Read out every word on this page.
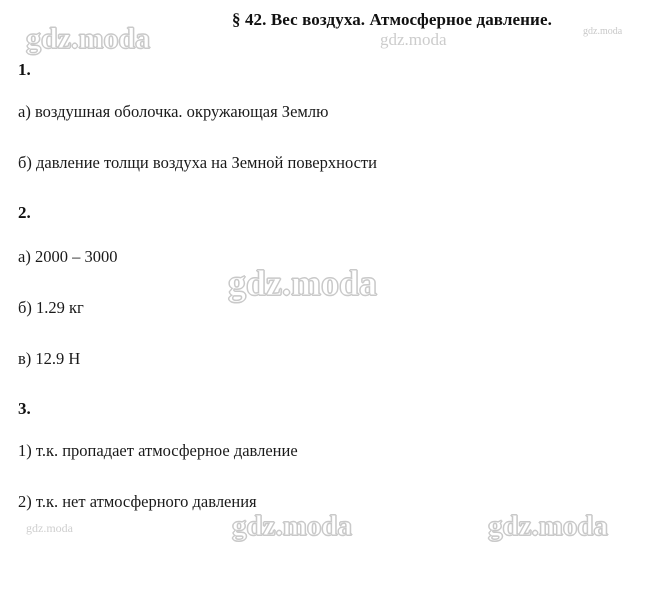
§ 42. Вес воздуха. Атмосферное давление.
1.
а) воздушная оболочка. окружающая Землю
б) давление толщи воздуха на Земной поверхности
2.
а) 2000 – 3000
б) 1.29 кг
в) 12.9 Н
3.
1) т.к. пропадает атмосферное давление
2) т.к. нет атмосферного давления
gdz.moda	gdz.moda	gdz.moda
gdz.moda
gdz.moda	gdz.moda	gdz.moda
